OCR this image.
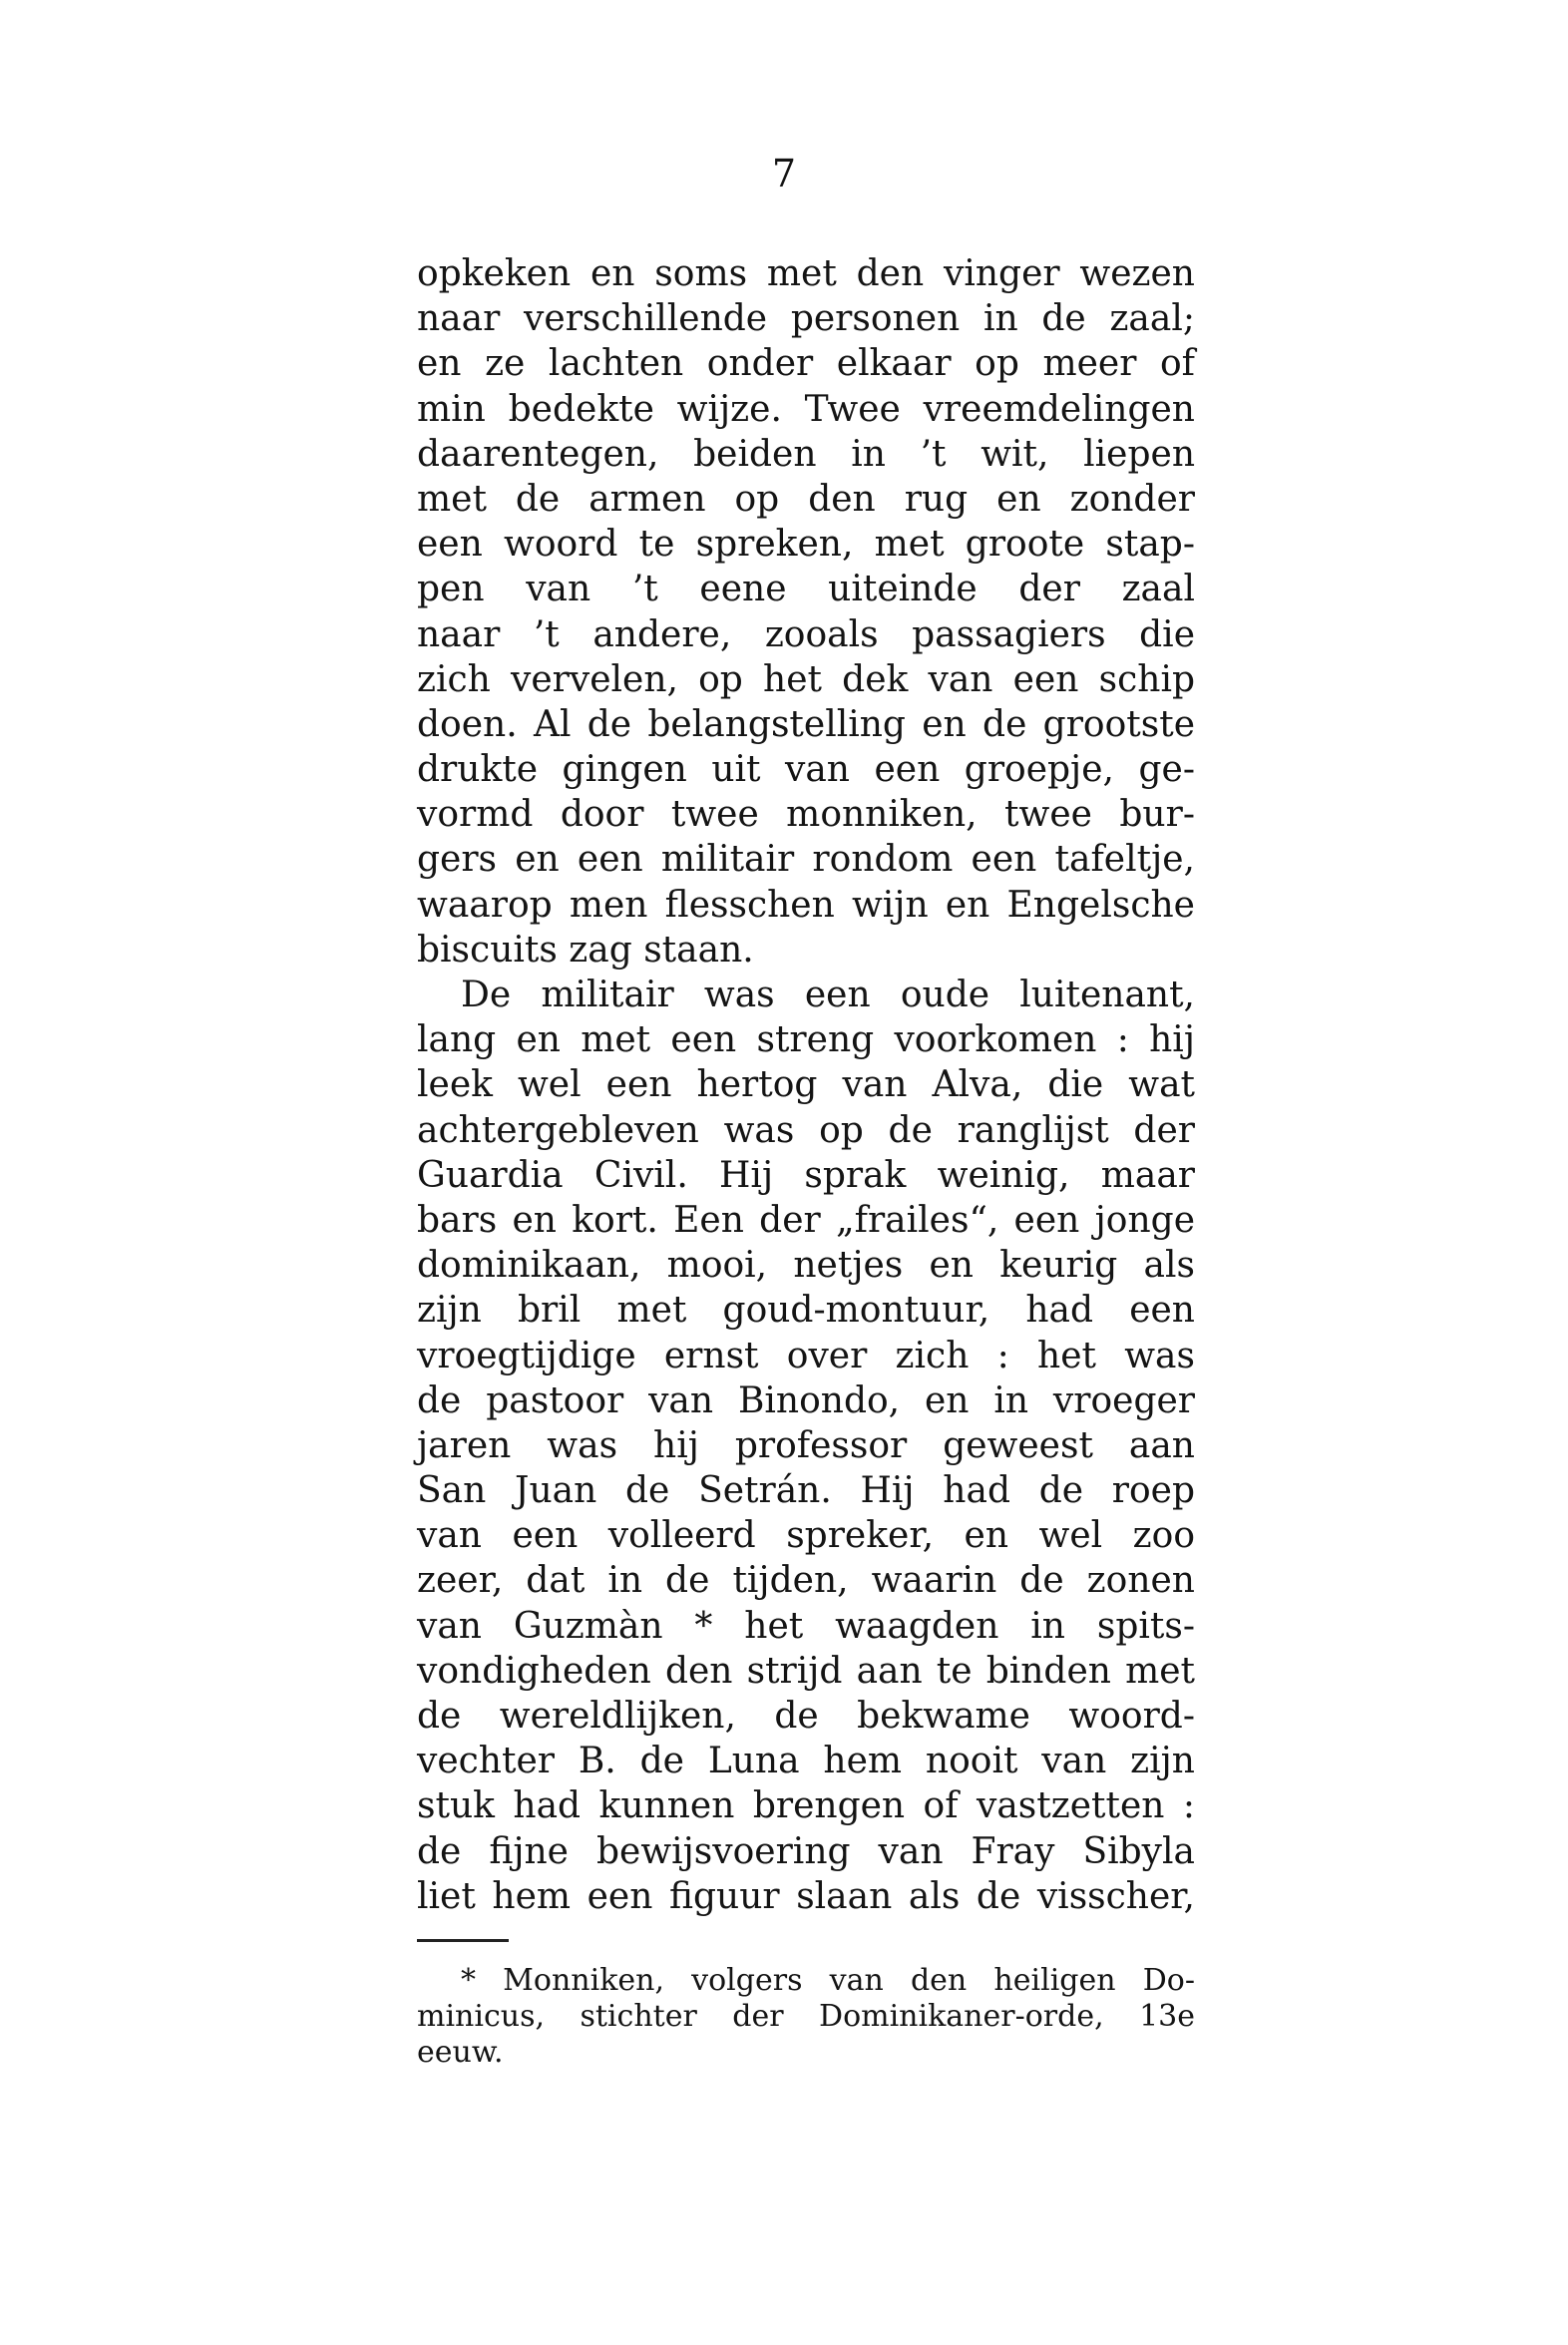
7
opkeken en soms met den vinger wezen
naar verschillende personen in de zaal;
en ze lachten onder elkaar op meer of
min bedekte wijze. Twee vreemdelingen
daarentegen, beiden in ’t wit, liepen
met de armen op den rug en zonder
een woord te spreken, met groote stap-
pen van ’t eene uiteinde der zaal
naar ’t andere, zooals passagiers die
zich vervelen, op het dek van een schip
doen. Al de belangstelling en de grootste
drukte gingen uit van een groepje, ge-
vormd door twee monniken, twee bur-
gers en een militair rondom een tafeltje,
waarop men flesschen wijn en Engelsche
biscuits zag staan.
De militair was een oude luitenant,
lang en met een streng voorkomen : hij
leek wel een hertog van Alva, die wat
achtergebleven was op de ranglijst der
Guardia Civil. Hij sprak weinig, maar
bars en kort. Een der „frailes“, een jonge
dominikaan, mooi, netjes en keurig als
zijn bril met goud-montuur, had een
vroegtijdige ernst over zich : het was
de pastoor van Binondo, en in vroeger
jaren was hij professor geweest aan
San Juan de Setrán. Hij had de roep
van een volleerd spreker, en wel zoo
zeer, dat in de tijden, waarin de zonen
van Guzmàn * het waagden in spits-
vondigheden den strijd aan te binden met
de wereldlijken, de bekwame woord-
vechter B. de Luna hem nooit van zijn
stuk had kunnen brengen of vastzetten :
de fijne bewijsvoering van Fray Sibyla
liet hem een figuur slaan als de visscher,
* Monniken, volgers van den heiligen Do-
minicus, stichter der Dominikaner-orde, 13e
eeuw.
